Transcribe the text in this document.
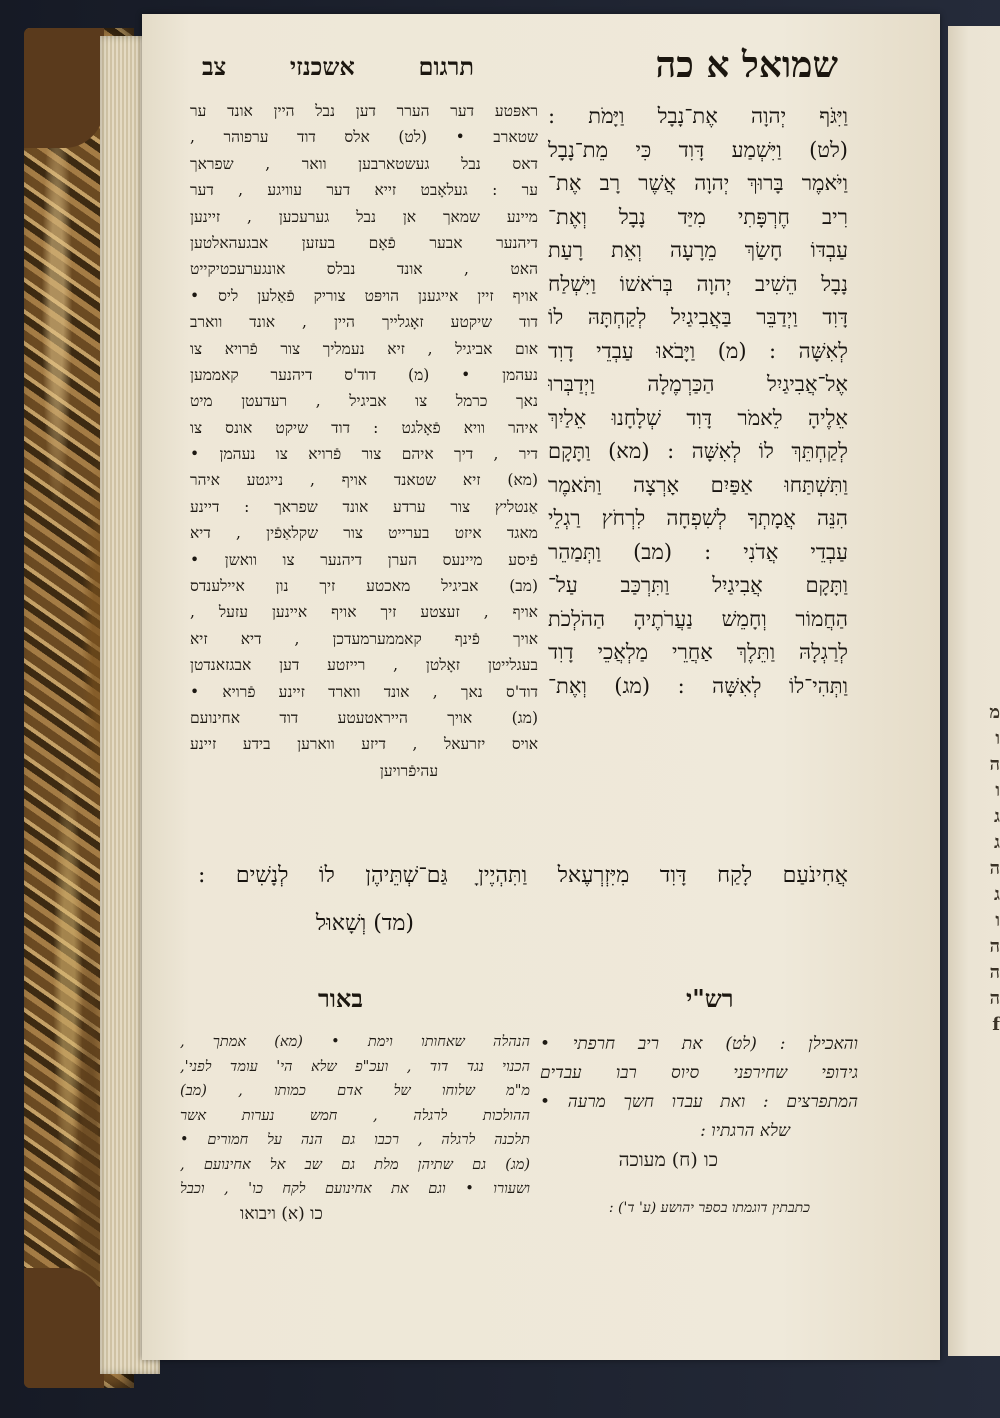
מ
ו
ה
ו
ג
ג
ה
ג
ו
ה
ה
ה
f
שמואל א כה
תרגום אשכנזי צב
וַיִּגֹּף יְהוָה אֶת־נָבָל וַיָּמֹת :
(לט) וַיִּשְׁמַע דָּוִד כִּי מֵת־נָבָל
וַיֹּאמֶר בָּרוּךְ יְהוָה אֲשֶׁר רָב אֶת־
רִיב חֶרְפָּתִי מִיַּד נָבָל וְאֶת־
עַבְדּוֹ חָשַׂךְ מֵרָעָה וְאֵת רָעַת
נָבָל הֵשִׁיב יְהוָה בְּרֹאשׁוֹ וַיִּשְׁלַח
דָּוִד וַיְדַבֵּר בַּאֲבִיגַיִל לְקַחְתָּהּ לוֹ
לְאִשָּׁה : (מ) וַיָּבֹאוּ עַבְדֵי דָוִד
אֶל־אֲבִיגַיִל הַכַּרְמֶלָה וַיְדַבְּרוּ
אֵלֶיהָ לֵאמֹר דָּוִד שְׁלָחָנוּ אֵלַיִךְ
לְקַחְתֵּךְ לוֹ לְאִשָּׁה : (מא) וַתָּקָם
וַתִּשְׁתַּחוּ אַפַּיִם אָרְצָה וַתֹּאמֶר
הִנֵּה אֲמָתְךָ לְשִׁפְחָה לִרְחֹץ רַגְלֵי
עַבְדֵי אֲדֹנִי : (מב) וַתְּמַהֵר
וַתָּקָם אֲבִיגַיִל וַתִּרְכַּב עַל־
הַחֲמוֹר וְחָמֵשׁ נַעֲרֹתֶיהָ הַהֹלְכֹת
לְרַגְלָהּ וַתֵּלֶךְ אַחֲרֵי מַלְאֲכֵי דָוִד
וַתְּהִי־לוֹ לְאִשָּׁה : (מג) וְאֶת־
ראפּטע דער הערר דען נבל היין אונד ער
שטארב • (לט) אלס דוד ערפוהר ,
דאס נבל געשטארבען וואר , שפראך
ער : געלאָבט זייא דער עוויגע , דער
מיינע שמאך אן נבל גערעכען , זיינען
דיהנער אבער פֿאָם בעזען אבגעהאלטען
האט , אונד נבלס אונגערעכטיקייט
אויף זיין אייגענן הויפּט צוריק פֿאַלען ליס •
דוד שיקטע זאָגלייך היין , אונד ווארב
אום אביגיל , זיא נעמליך צור פֿרויא צו
נעהמן • (מ) דוד'ס דיהנער קאממען
נאך כרמל צו אביגיל , רעדעטן מיט
איהר וויא פֿאָלגט : דוד שיקט אונס צו
דיר , דיך איהם צור פֿרויא צו נעהמן •
(מא) זיא שטאנד אויף , נייגטע איהר
אַנטליץ צור ערדע אונד שפראך : דיינע
מאגד איזט בערייט צור שקלאַפֿין , דיא
פֿיסע מיינעס הערן דיהנער צו וואשן •
(מב) אביגיל מאכטע זיך נון איילענדס
אויף , זעצטע זיך אויף איינען עזעל ,
אויך פֿינף קאממערמעדכן , דיא זיא
בעגלייטן זאָלטן , רייזטע דען אבגזאנדטן
דוד'ס נאך , אונד ווארד זיינע פֿרויא •
(מג) אויך הייראטעטע דוד אחינועם
אויס יזרעאל , דיזע ווארען בידע זיינע
עהיפֿרויען
אֲחִינֹעַם לָקַח דָּוִד מִיִּזְרְעֶאל וַתִּהְיֶיןָ גַּם־שְׁתֵּיהֶן לוֹ לְנָשִׁים :
(מד) וְשָׁאוּל
רש"י
באור
והאכילן : (לט) את ריב חרפתי •
גידופי שחירפני סיוס רבו עבדים
המתפרצים : ואת עבדו חשך מרעה •
שלא הרגתיו :
כו (ח) מעוכה
הנהלה שאחותו וימת • (מא) אמתך ,
הכנוי נגד דוד , ועכ"פ שלא הי' עומד לפני',
מ"מ שלוחו של אדם כמותו , (מב)
ההולכות לרגלה , חמש נערות אשר
תלכנה לרגלה , רכבו גם הנה על חמורים •
(מג) גם שתיהן מלת גם שב אל אחינועם ,
ושעורו • וגם את אחינועם לקח כו' , וכבל
כו (א) ויבואו	כתבתין דוגמתו בספר יהושע (ע' ד') :
